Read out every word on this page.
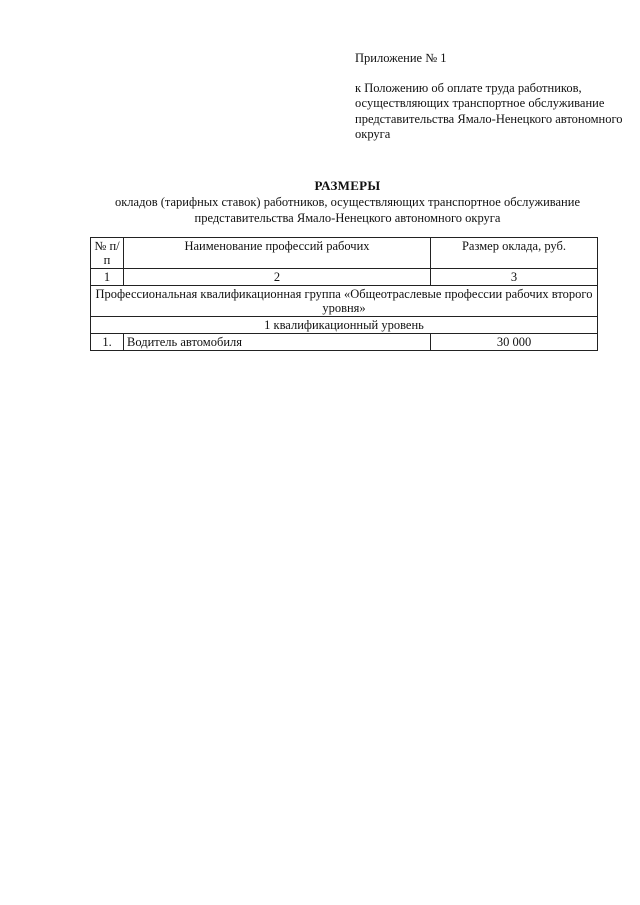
Приложение № 1
к Положению об оплате труда работников, осуществляющих транспортное обслуживание представительства Ямало-Ненецкого автономного округа
РАЗМЕРЫ
окладов (тарифных ставок) работников, осуществляющих транспортное обслуживание представительства Ямало-Ненецкого автономного округа
№ п/п	Наименование профессий рабочих	Размер оклада, руб.
1	2	3
Профессиональная квалификационная группа «Общеотраслевые профессии рабочих второго уровня»		
1 квалификационный уровень		
1.	Водитель автомобиля	30 000
